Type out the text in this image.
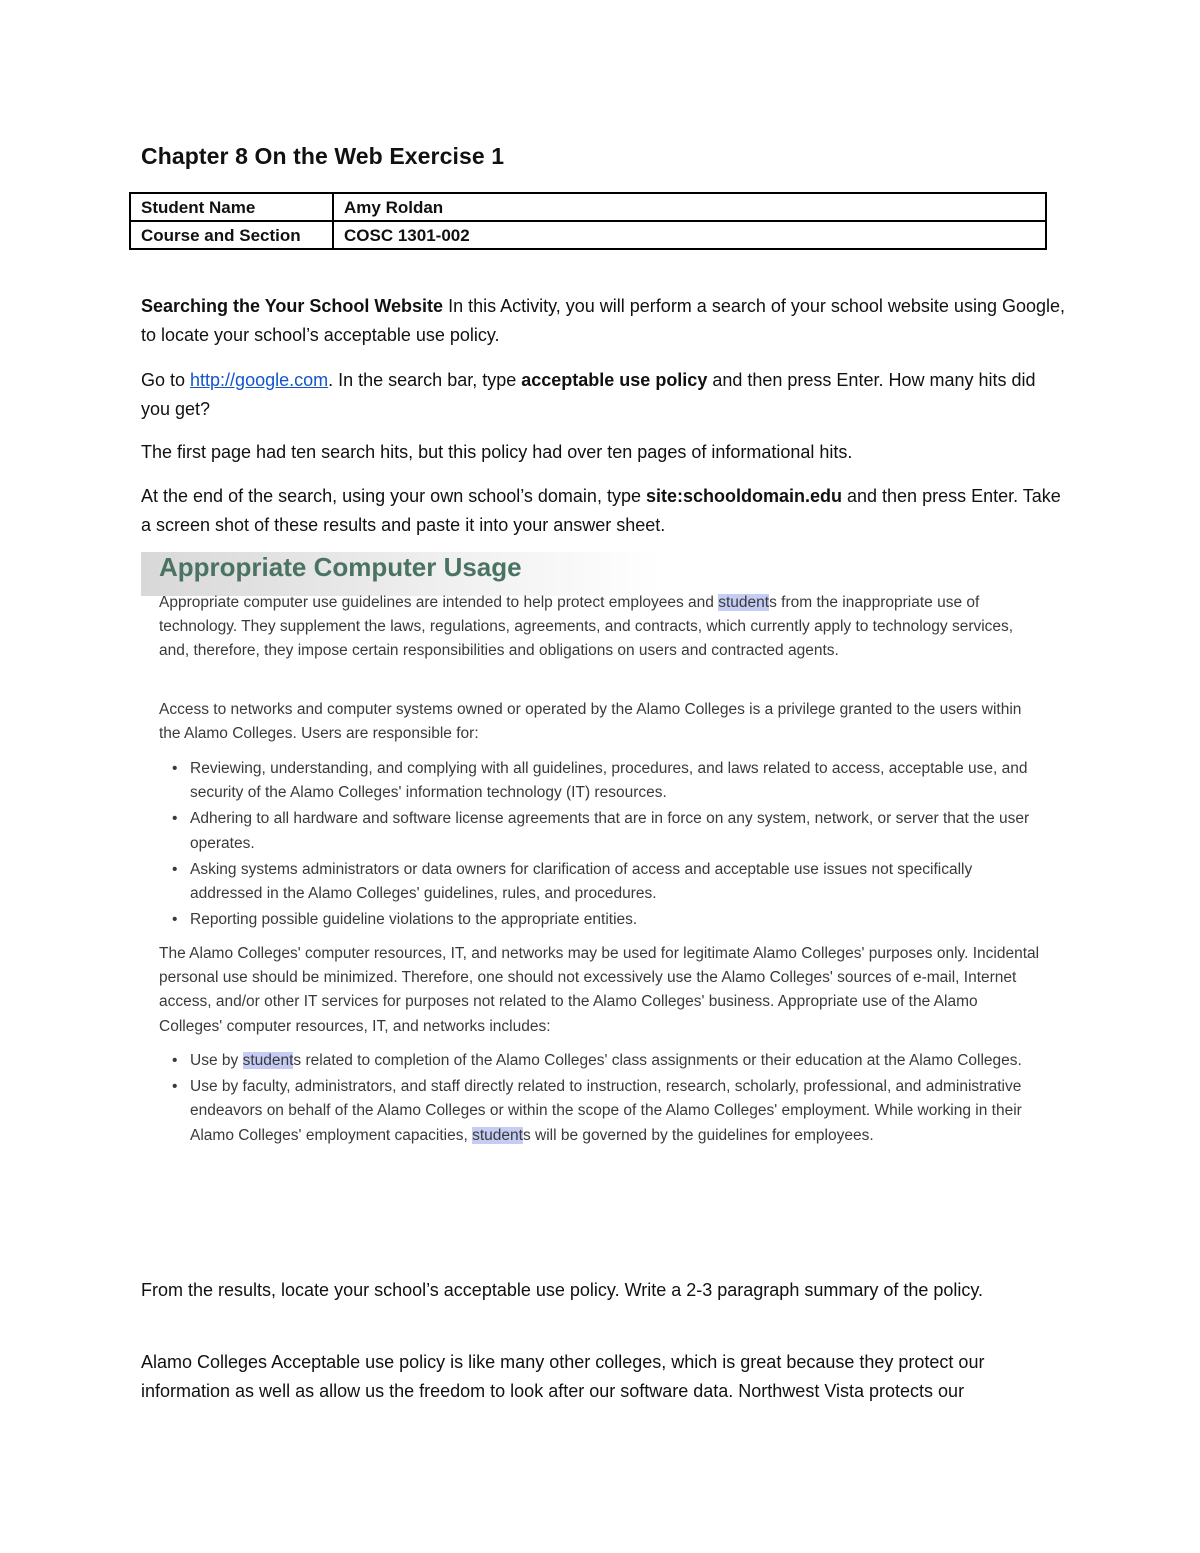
Chapter 8 On the Web Exercise 1
Student Name	Amy Roldan
Course and Section	COSC 1301-002

Searching the Your School Website In this Activity, you will perform a search of your school website using Google, to locate your school’s acceptable use policy.

Go to http://google.com. In the search bar, type acceptable use policy and then press Enter. How many hits did you get?

The first page had ten search hits, but this policy had over ten pages of informational hits.

At the end of the search, using your own school’s domain, type site:schooldomain.edu and then press Enter. Take a screen shot of these results and paste it into your answer sheet.

Appropriate Computer Usage

Appropriate computer use guidelines are intended to help protect employees and students from the inappropriate use of technology. They supplement the laws, regulations, agreements, and contracts, which currently apply to technology services, and, therefore, they impose certain responsibilities and obligations on users and contracted agents.

Access to networks and computer systems owned or operated by the Alamo Colleges is a privilege granted to the users within the Alamo Colleges. Users are responsible for:

• Reviewing, understanding, and complying with all guidelines, procedures, and laws related to access, acceptable use, and security of the Alamo Colleges' information technology (IT) resources.
• Adhering to all hardware and software license agreements that are in force on any system, network, or server that the user operates.
• Asking systems administrators or data owners for clarification of access and acceptable use issues not specifically addressed in the Alamo Colleges' guidelines, rules, and procedures.
• Reporting possible guideline violations to the appropriate entities.

The Alamo Colleges' computer resources, IT, and networks may be used for legitimate Alamo Colleges' purposes only. Incidental personal use should be minimized. Therefore, one should not excessively use the Alamo Colleges' sources of e-mail, Internet access, and/or other IT services for purposes not related to the Alamo Colleges' business. Appropriate use of the Alamo Colleges' computer resources, IT, and networks includes:

• Use by students related to completion of the Alamo Colleges' class assignments or their education at the Alamo Colleges.
• Use by faculty, administrators, and staff directly related to instruction, research, scholarly, professional, and administrative endeavors on behalf of the Alamo Colleges or within the scope of the Alamo Colleges' employment. While working in their Alamo Colleges' employment capacities, students will be governed by the guidelines for employees.

From the results, locate your school’s acceptable use policy. Write a 2-3 paragraph summary of the policy.

Alamo Colleges Acceptable use policy is like many other colleges, which is great because they protect our information as well as allow us the freedom to look after our software data. Northwest Vista protects our
